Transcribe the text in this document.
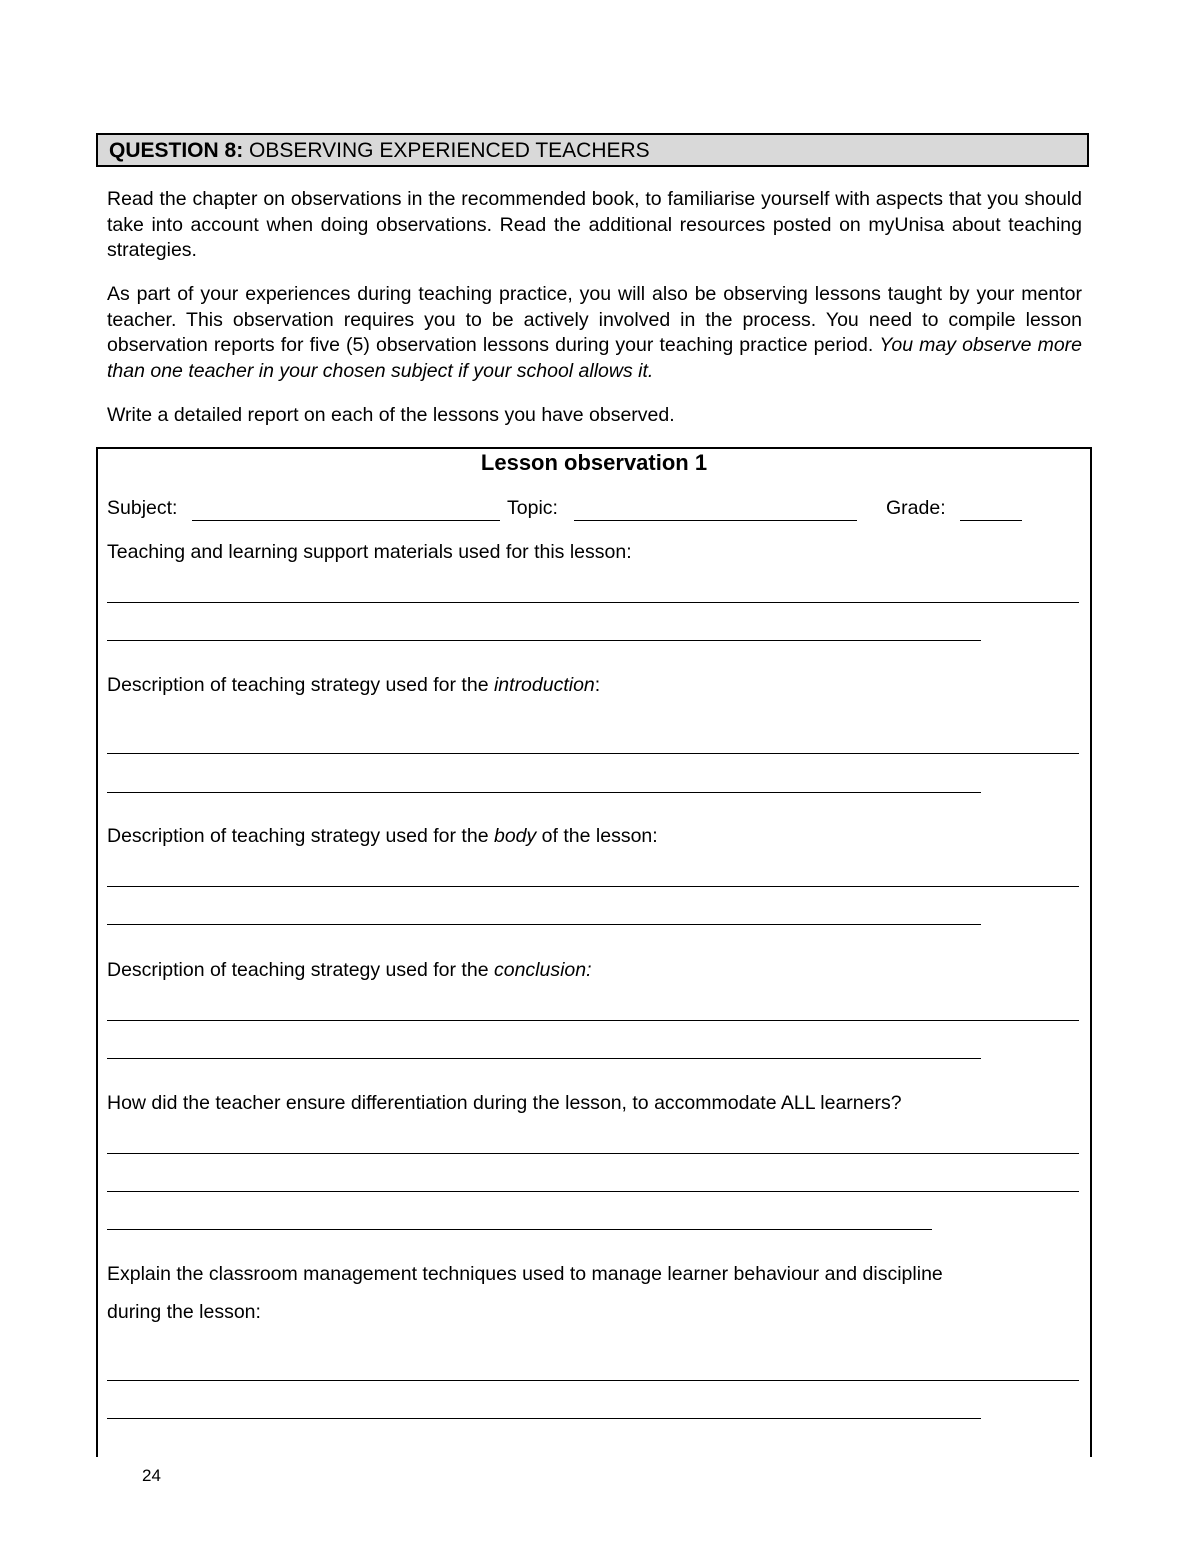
QUESTION 8: OBSERVING EXPERIENCED TEACHERS
Read the chapter on observations in the recommended book, to familiarise yourself with aspects that you should take into account when doing observations. Read the additional resources posted on myUnisa about teaching strategies.
As part of your experiences during teaching practice, you will also be observing lessons taught by your mentor teacher. This observation requires you to be actively involved in the process. You need to compile lesson observation reports for five (5) observation lessons during your teaching practice period. You may observe more than one teacher in your chosen subject if your school allows it.
Write a detailed report on each of the lessons you have observed.
Lesson observation 1
Subject:	Topic:	Grade:
Teaching and learning support materials used for this lesson:
Description of teaching strategy used for the introduction:
Description of teaching strategy used for the body of the lesson:
Description of teaching strategy used for the conclusion:
How did the teacher ensure differentiation during the lesson, to accommodate ALL learners?
Explain the classroom management techniques used to manage learner behaviour and discipline
during the lesson:
24
